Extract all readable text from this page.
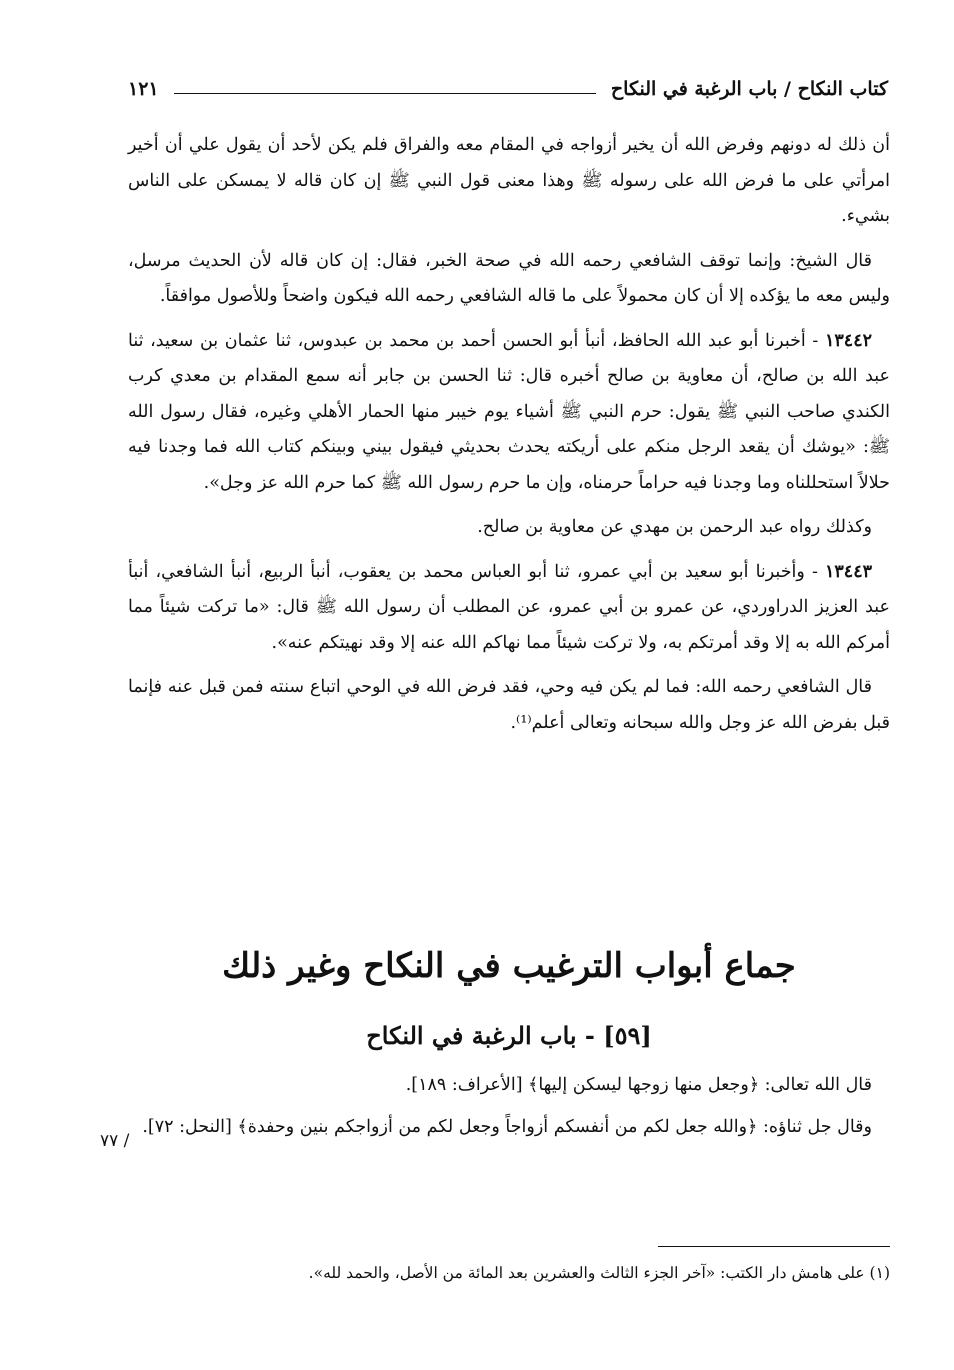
١٢١	كتاب النكاح / باب الرغبة في النكاح

أن ذلك له دونهم وفرض الله أن يخير أزواجه في المقام معه والفراق فلم يكن لأحد أن يقول علي أن أخير امرأتي على ما فرض الله على رسوله ﷺ وهذا معنى قول النبي ﷺ إن كان قاله لا يمسكن على الناس بشيء.

قال الشيخ: وإنما توقف الشافعي رحمه الله في صحة الخبر، فقال: إن كان قاله لأن الحديث مرسل، وليس معه ما يؤكده إلا أن كان محمولاً على ما قاله الشافعي رحمه الله فيكون واضحاً وللأصول موافقاً.

١٣٤٤٢ - أخبرنا أبو عبد الله الحافظ، أنبأ أبو الحسن أحمد بن محمد بن عبدوس، ثنا عثمان بن سعيد، ثنا عبد الله بن صالح، أن معاوية بن صالح أخبره قال: ثنا الحسن بن جابر أنه سمع المقدام بن معدي كرب الكندي صاحب النبي ﷺ يقول: حرم النبي ﷺ أشياء يوم خيبر منها الحمار الأهلي وغيره، فقال رسول الله ﷺ: «يوشك أن يقعد الرجل منكم على أريكته يحدث بحديثي فيقول بيني وبينكم كتاب الله فما وجدنا فيه حلالاً استحللناه وما وجدنا فيه حراماً حرمناه، وإن ما حرم رسول الله ﷺ كما حرم الله عز وجل».

وكذلك رواه عبد الرحمن بن مهدي عن معاوية بن صالح.

١٣٤٤٣ - وأخبرنا أبو سعيد بن أبي عمرو، ثنا أبو العباس محمد بن يعقوب، أنبأ الربيع، أنبأ الشافعي، أنبأ عبد العزيز الدراوردي، عن عمرو بن أبي عمرو، عن المطلب أن رسول الله ﷺ قال: «ما تركت شيئاً مما أمركم الله به إلا وقد أمرتكم به، ولا تركت شيئاً مما نهاكم الله عنه إلا وقد نهيتكم عنه».

قال الشافعي رحمه الله: فما لم يكن فيه وحي، فقد فرض الله في الوحي اتباع سنته فمن قبل عنه فإنما قبل بفرض الله عز وجل والله سبحانه وتعالى أعلم⁽¹⁾.

جماع أبواب الترغيب في النكاح وغير ذلك
[٥٩] - باب الرغبة في النكاح

قال الله تعالى: ﴿وجعل منها زوجها ليسكن إليها﴾ [الأعراف: ١٨٩].

وقال جل ثناؤه: ﴿والله جعل لكم من أنفسكم أزواجاً وجعل لكم من أزواجكم بنين وحفدة﴾ [النحل: ٧٢].

٧٧ /
(١) على هامش دار الكتب: «آخر الجزء الثالث والعشرين بعد المائة من الأصل، والحمد لله».
